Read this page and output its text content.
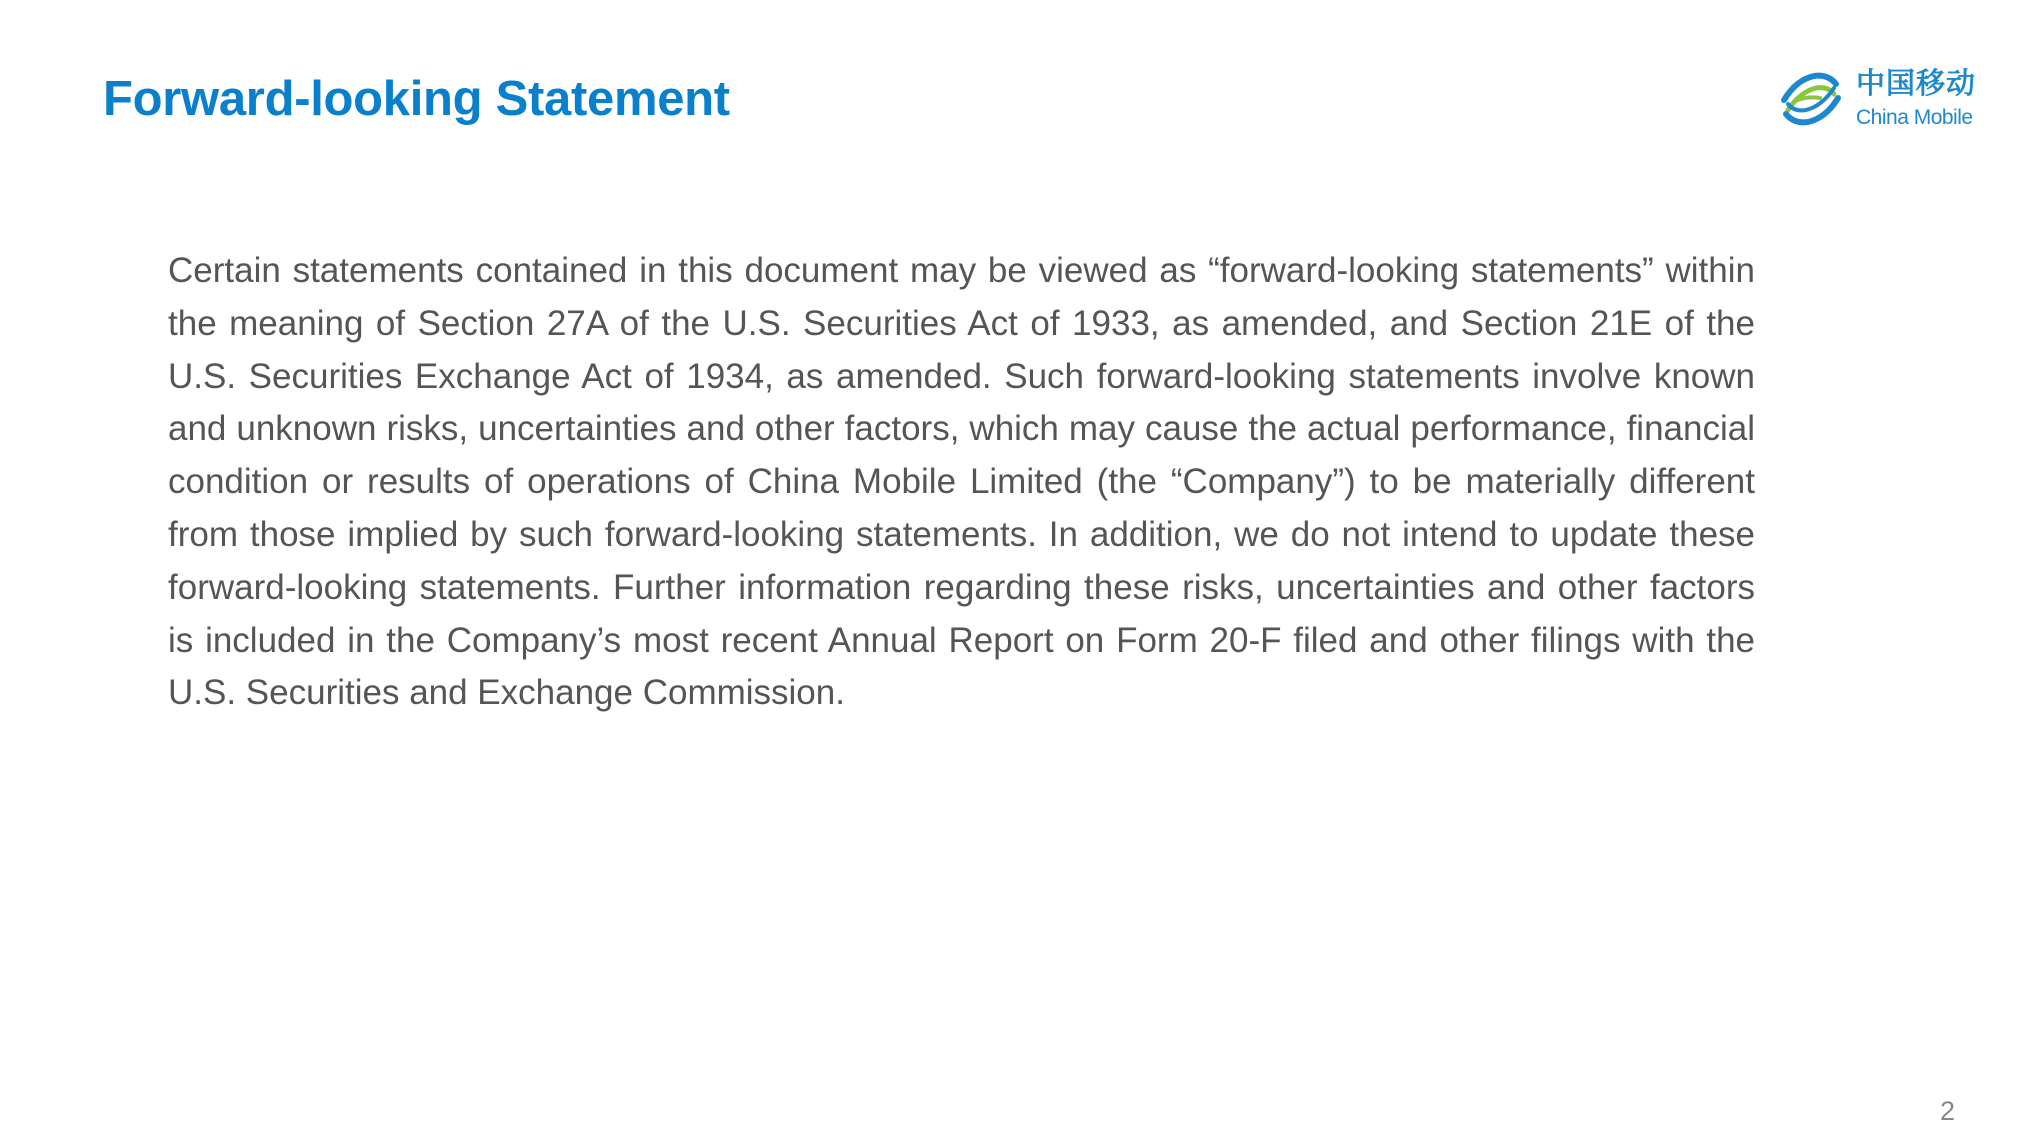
Forward-looking Statement	中国移动
China Mobile

Certain statements contained in this document may be viewed as “forward-looking statements” within the meaning of Section 27A of the U.S. Securities Act of 1933, as amended, and Section 21E of the U.S. Securities Exchange Act of 1934, as amended. Such forward-looking statements involve known and unknown risks, uncertainties and other factors, which may cause the actual performance, financial condition or results of operations of China Mobile Limited (the “Company”) to be materially different from those implied by such forward-looking statements. In addition, we do not intend to update these forward-looking statements. Further information regarding these risks, uncertainties and other factors is included in the Company’s most recent Annual Report on Form 20-F filed and other filings with the U.S. Securities and Exchange Commission.

2
